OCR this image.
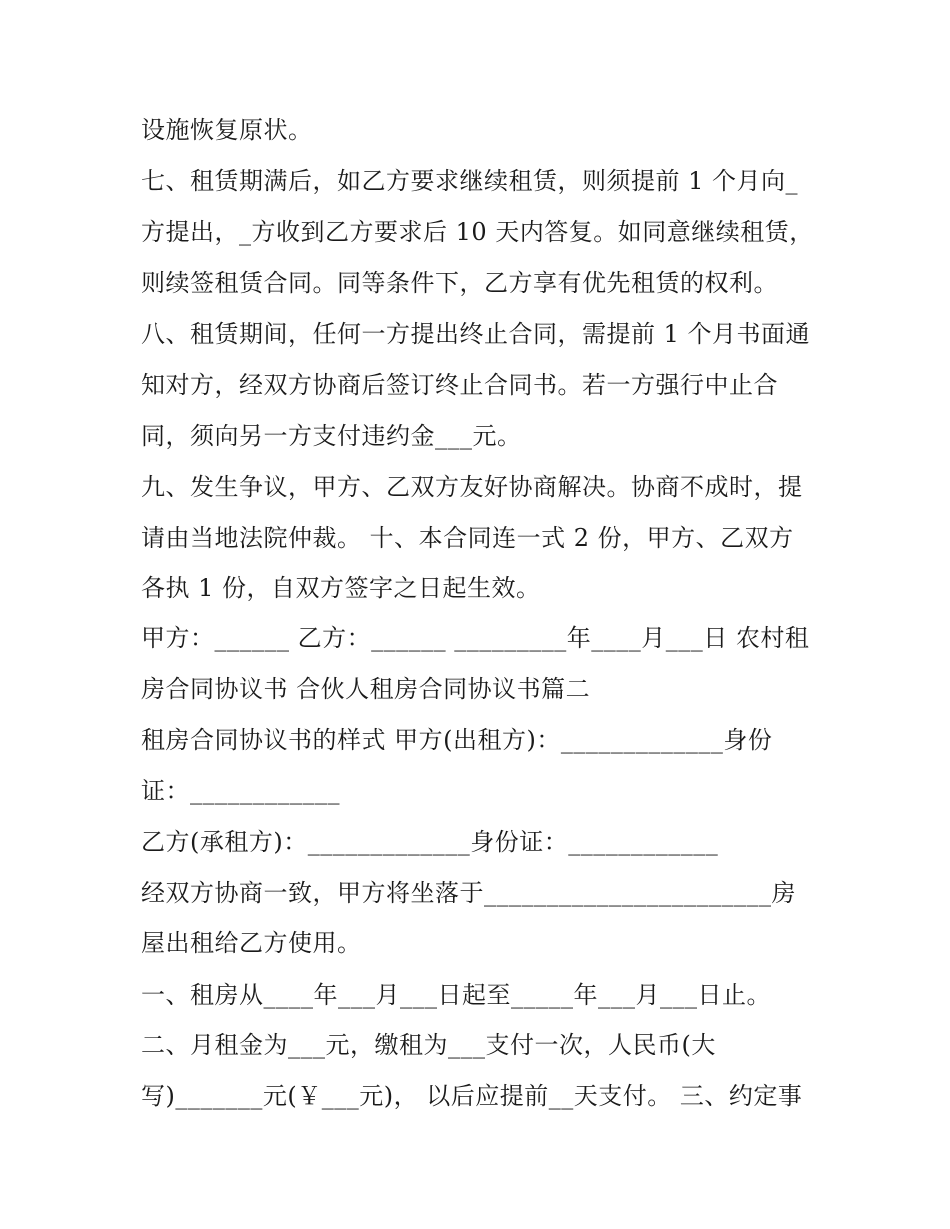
设施恢复原状。
七、租赁期满后，如乙方要求继续租赁，则须提前 1 个月向_
方提出，_方收到乙方要求后 10 天内答复。如同意继续租赁，
则续签租赁合同。同等条件下，乙方享有优先租赁的权利。
八、租赁期间，任何一方提出终止合同，需提前 1 个月书面通
知对方，经双方协商后签订终止合同书。若一方强行中止合
同，须向另一方支付违约金___元。
九、发生争议，甲方、乙双方友好协商解决。协商不成时，提
请由当地法院仲裁。 十、本合同连一式 2 份，甲方、乙双方
各执 1 份，自双方签字之日起生效。
甲方：______ 乙方：______ _________年____月___日 农村租
房合同协议书 合伙人租房合同协议书篇二
租房合同协议书的样式 甲方(出租方)：_____________身份
证：____________
乙方(承租方)：_____________身份证：____________
经双方协商一致，甲方将坐落于_______________________房
屋出租给乙方使用。
一、租房从____年___月___日起至_____年___月___日止。
二、月租金为___元，缴租为___支付一次，人民币(大
写)_______元(￥___元)， 以后应提前__天支付。 三、约定事
